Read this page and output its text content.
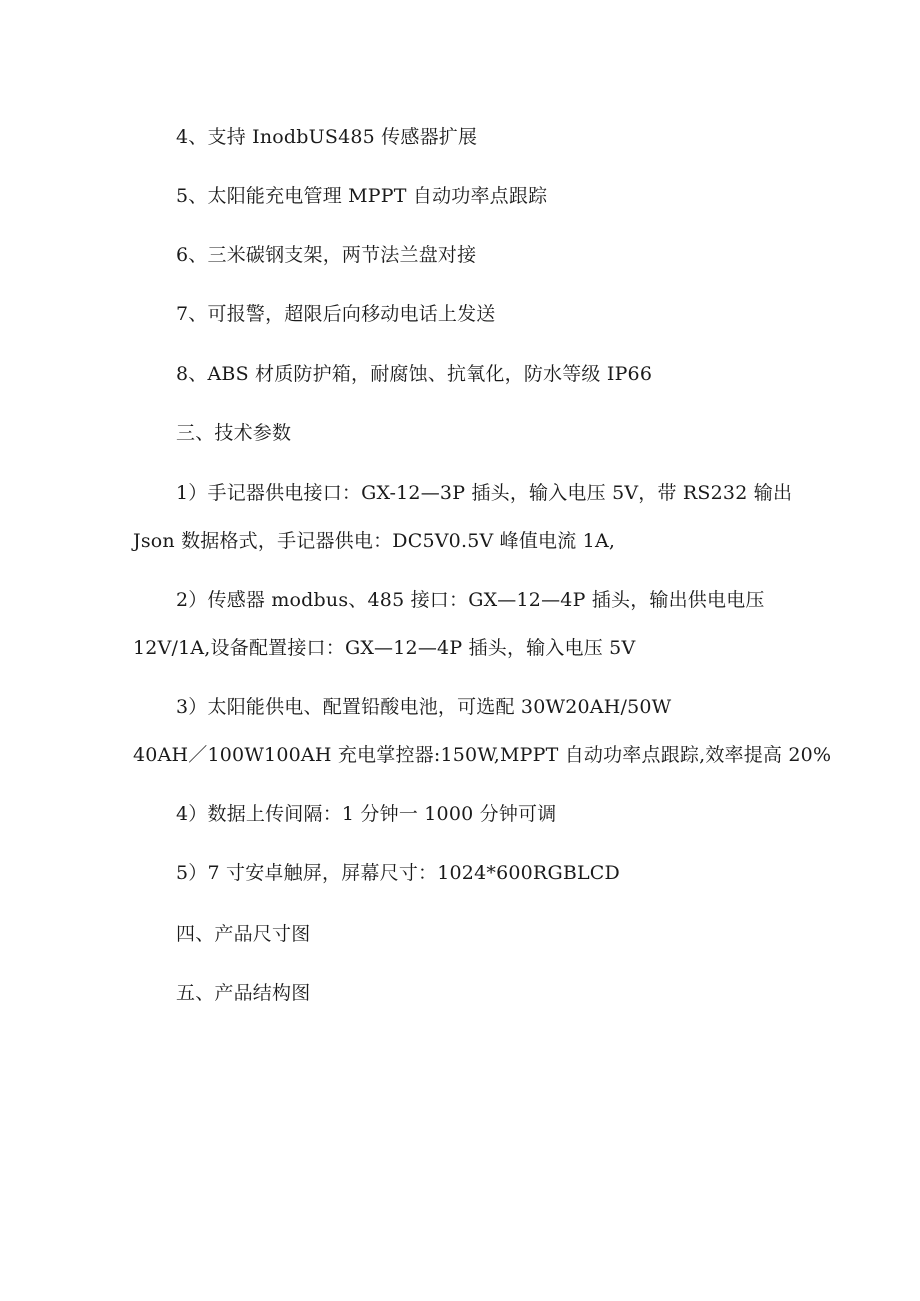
4、支持 InodbUS485 传感器扩展
5、太阳能充电管理 MPPT 自动功率点跟踪
6、三米碳钢支架，两节法兰盘对接
7、可报警，超限后向移动电话上发送
8、ABS 材质防护箱，耐腐蚀、抗氧化，防水等级 IP66
三、技术参数
1）手记器供电接口：GX-12—3P 插头，输入电压 5V，带 RS232 输出
Json 数据格式，手记器供电：DC5V0.5V 峰值电流 1A,
2）传感器 modbus、485 接口：GX—12—4P 插头，输出供电电压
12V/1A,设备配置接口：GX—12—4P 插头，输入电压 5V
3）太阳能供电、配置铅酸电池，可选配 30W20AH/50W
40AH／100W100AH 充电掌控器:150W,MPPT 自动功率点跟踪,效率提高 20%
4）数据上传间隔：1 分钟一 1000 分钟可调
5）7 寸安卓触屏，屏幕尺寸：1024*600RGBLCD
四、产品尺寸图
五、产品结构图
